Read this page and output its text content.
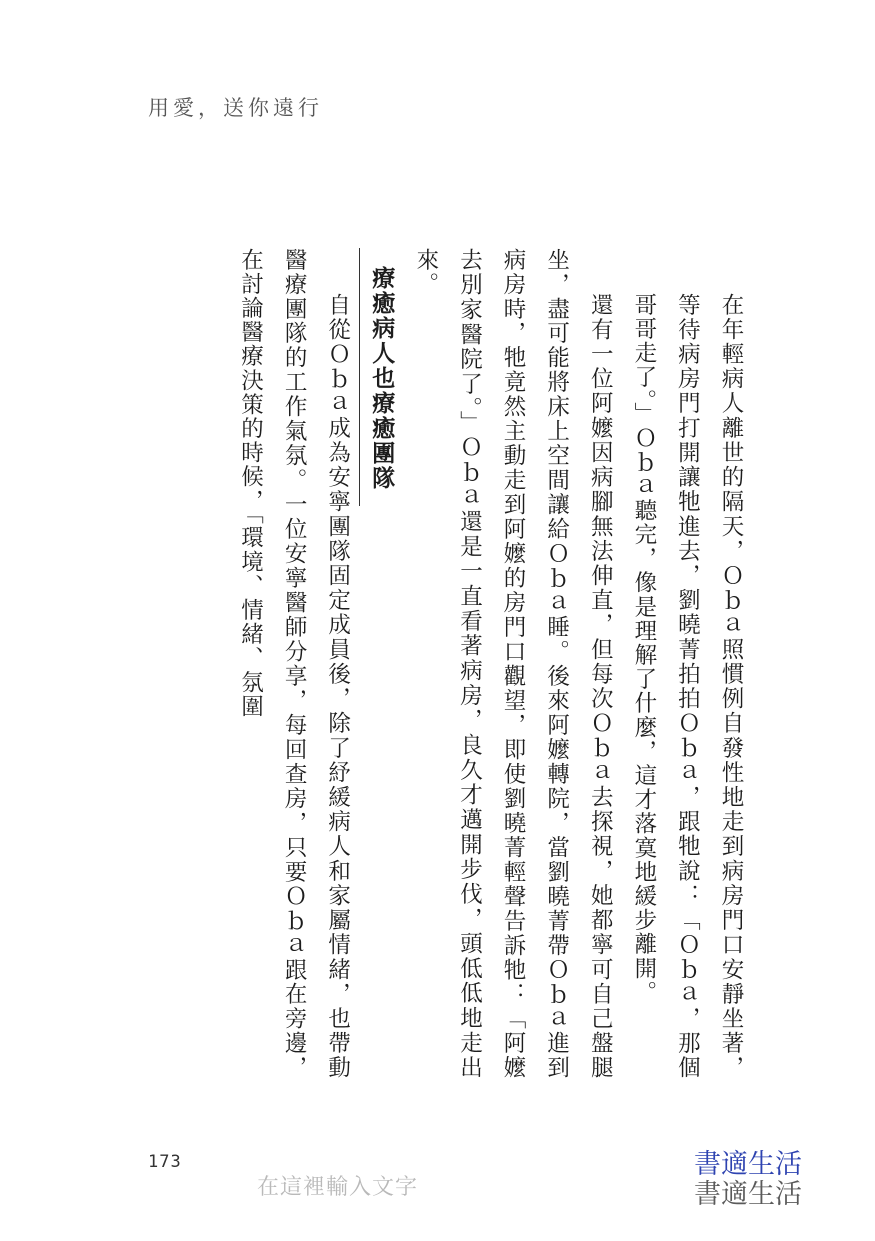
用愛，送你遠行

在年輕病人離世的隔天，Ｏｂａ照慣例自發性地走到病房門口安靜坐著，等待病房門打開讓牠進去，劉曉菁拍拍Ｏｂａ，跟牠說：「Ｏｂａ，那個哥哥走了。」Ｏｂａ聽完，像是理解了什麼，這才落寞地緩步離開。

還有一位阿嬤因病腳無法伸直，但每次Ｏｂａ去探視，她都寧可自己盤腿坐，盡可能將床上空間讓給Ｏｂａ睡。後來阿嬤轉院，當劉曉菁帶Ｏｂａ進到病房時，牠竟然主動走到阿嬤的房門口觀望，即使劉曉菁輕聲告訴牠：「阿嬤去別家醫院了。」Ｏｂａ還是一直看著病房，良久才邁開步伐，頭低低地走出來。

療癒病人也療癒團隊

自從Ｏｂａ成為安寧團隊固定成員後，除了紓緩病人和家屬情緒，也帶動醫療團隊的工作氣氛。一位安寧醫師分享，每回查房，只要Ｏｂａ跟在旁邊，在討論醫療決策的時候，「環境、情緒、氛圍

173
在這裡輸入文字
書適生活
書適生活
